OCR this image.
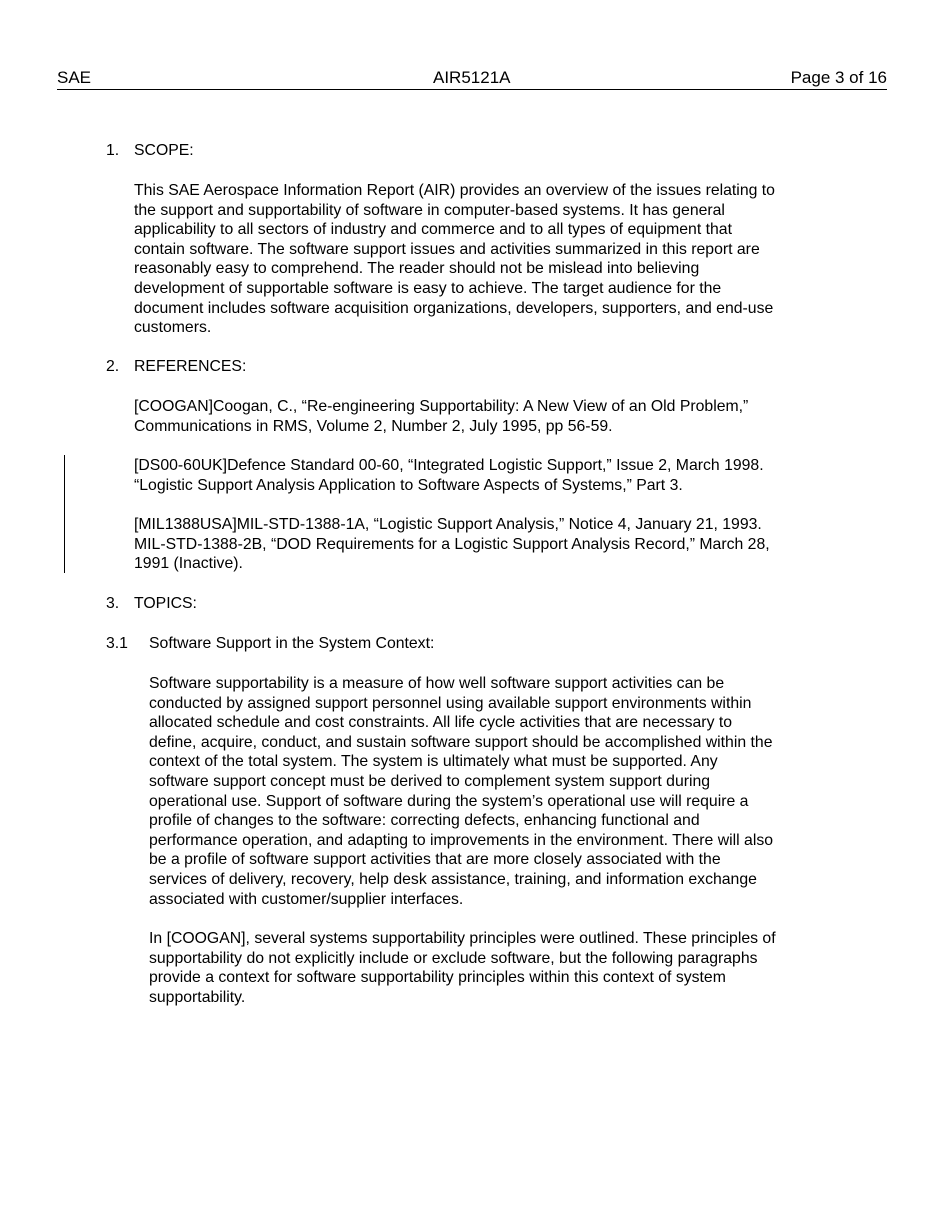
SAE	AIR5121A	Page 3 of 16
1. SCOPE:
This SAE Aerospace Information Report (AIR) provides an overview of the issues relating to
the support and supportability of software in computer-based systems. It has general
applicability to all sectors of industry and commerce and to all types of equipment that
contain software. The software support issues and activities summarized in this report are
reasonably easy to comprehend. The reader should not be mislead into believing
development of supportable software is easy to achieve. The target audience for the
document includes software acquisition organizations, developers, supporters, and end-use
customers.
2. REFERENCES:
[COOGAN]Coogan, C., “Re-engineering Supportability: A New View of an Old Problem,”
Communications in RMS, Volume 2, Number 2, July 1995, pp 56-59.
[DS00-60UK]Defence Standard 00-60, “Integrated Logistic Support,” Issue 2, March 1998.
“Logistic Support Analysis Application to Software Aspects of Systems,” Part 3.
[MIL1388USA]MIL-STD-1388-1A, “Logistic Support Analysis,” Notice 4, January 21, 1993.
MIL-STD-1388-2B, “DOD Requirements for a Logistic Support Analysis Record,” March 28,
1991 (Inactive).
3. TOPICS:
3.1 Software Support in the System Context:
Software supportability is a measure of how well software support activities can be
conducted by assigned support personnel using available support environments within
allocated schedule and cost constraints. All life cycle activities that are necessary to
define, acquire, conduct, and sustain software support should be accomplished within the
context of the total system. The system is ultimately what must be supported. Any
software support concept must be derived to complement system support during
operational use. Support of software during the system’s operational use will require a
profile of changes to the software: correcting defects, enhancing functional and
performance operation, and adapting to improvements in the environment. There will also
be a profile of software support activities that are more closely associated with the
services of delivery, recovery, help desk assistance, training, and information exchange
associated with customer/supplier interfaces.
In [COOGAN], several systems supportability principles were outlined. These principles of
supportability do not explicitly include or exclude software, but the following paragraphs
provide a context for software supportability principles within this context of system
supportability.
